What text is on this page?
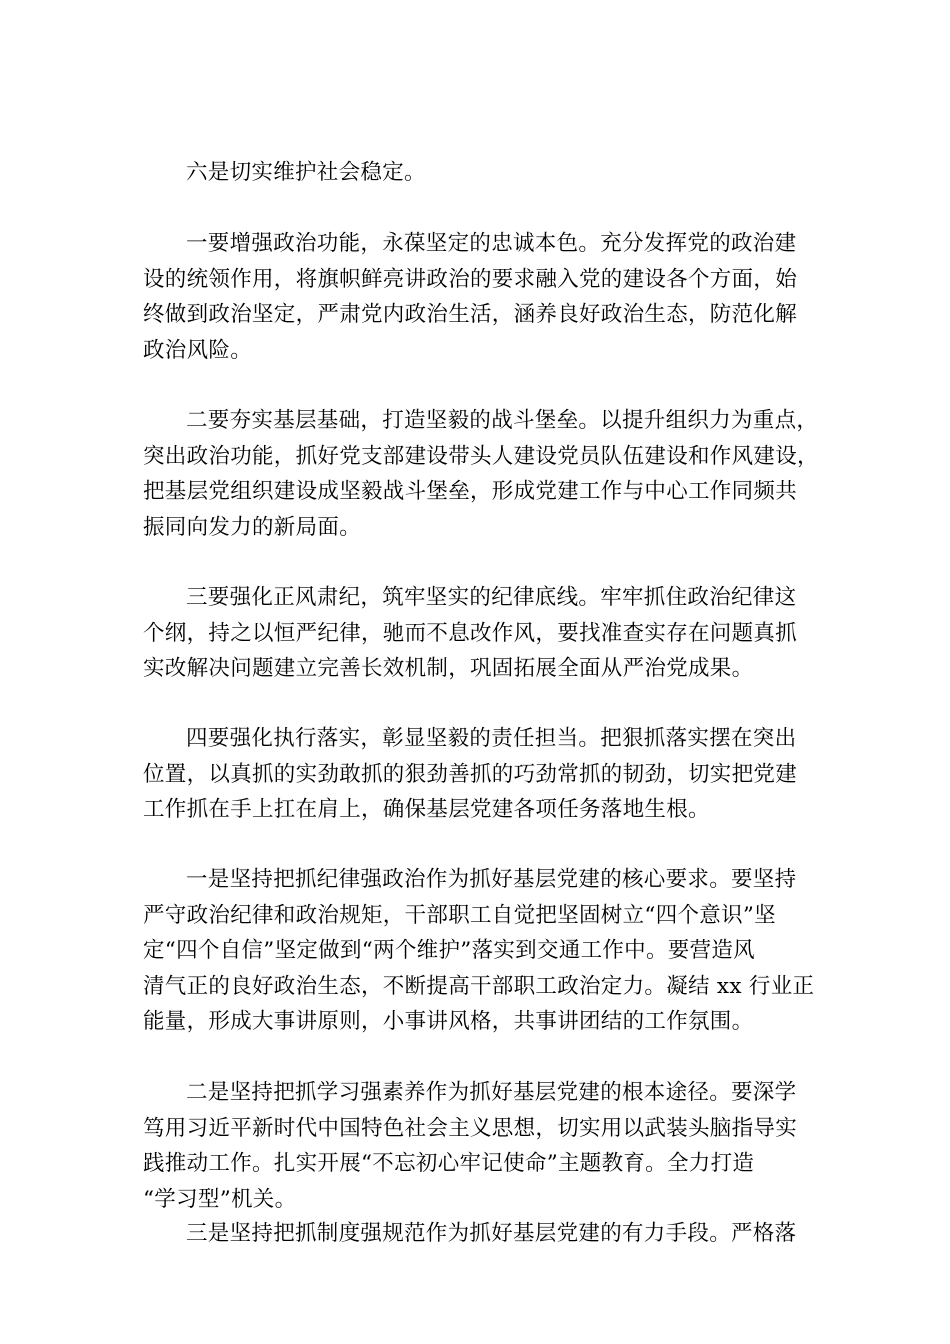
六是切实维护社会稳定。
一要增强政治功能，永葆坚定的忠诚本色。充分发挥党的政治建
设的统领作用，将旗帜鲜亮讲政治的要求融入党的建设各个方面，始
终做到政治坚定，严肃党内政治生活，涵养良好政治生态，防范化解
政治风险。
二要夯实基层基础，打造坚毅的战斗堡垒。以提升组织力为重点，
突出政治功能，抓好党支部建设带头人建设党员队伍建设和作风建设，
把基层党组织建设成坚毅战斗堡垒，形成党建工作与中心工作同频共
振同向发力的新局面。
三要强化正风肃纪，筑牢坚实的纪律底线。牢牢抓住政治纪律这
个纲，持之以恒严纪律，驰而不息改作风，要找准查实存在问题真抓
实改解决问题建立完善长效机制，巩固拓展全面从严治党成果。
四要强化执行落实，彰显坚毅的责任担当。把狠抓落实摆在突出
位置，以真抓的实劲敢抓的狠劲善抓的巧劲常抓的韧劲，切实把党建
工作抓在手上扛在肩上，确保基层党建各项任务落地生根。
一是坚持把抓纪律强政治作为抓好基层党建的核心要求。要坚持
严守政治纪律和政治规矩，干部职工自觉把坚固树立“四个意识”坚
定“四个自信”坚定做到“两个维护”落实到交通工作中。要营造风
清气正的良好政治生态，不断提高干部职工政治定力。凝结 xx 行业正
能量，形成大事讲原则，小事讲风格，共事讲团结的工作氛围。
二是坚持把抓学习强素养作为抓好基层党建的根本途径。要深学
笃用习近平新时代中国特色社会主义思想，切实用以武装头脑指导实
践推动工作。扎实开展“不忘初心牢记使命”主题教育。全力打造
“学习型”机关。
三是坚持把抓制度强规范作为抓好基层党建的有力手段。严格落
